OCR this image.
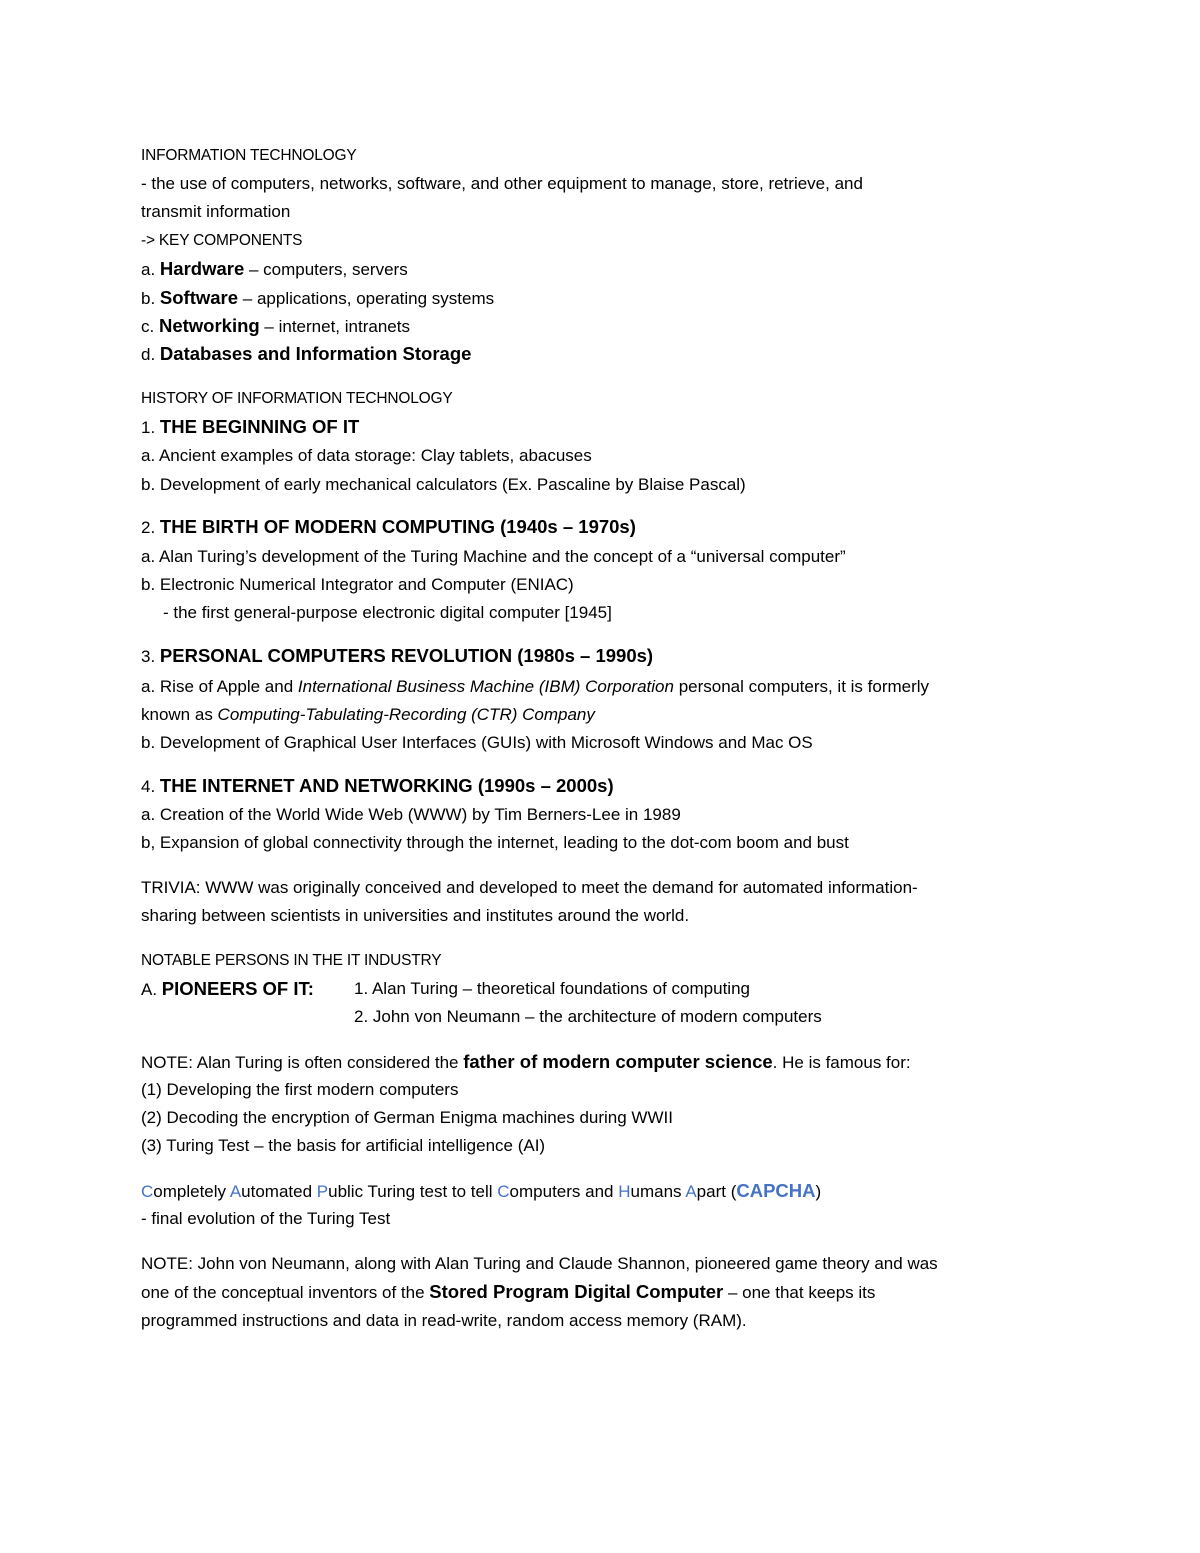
INFORMATION TECHNOLOGY
- the use of computers, networks, software, and other equipment to manage, store, retrieve, and
transmit information
-> KEY COMPONENTS
a. Hardware – computers, servers
b. Software – applications, operating systems
c. Networking – internet, intranets
d. Databases and Information Storage
HISTORY OF INFORMATION TECHNOLOGY
1. THE BEGINNING OF IT
a. Ancient examples of data storage: Clay tablets, abacuses
b. Development of early mechanical calculators (Ex. Pascaline by Blaise Pascal)
2. THE BIRTH OF MODERN COMPUTING (1940s – 1970s)
a. Alan Turing’s development of the Turing Machine and the concept of a “universal computer”
b. Electronic Numerical Integrator and Computer (ENIAC)
- the first general-purpose electronic digital computer [1945]
3. PERSONAL COMPUTERS REVOLUTION (1980s – 1990s)
a. Rise of Apple and International Business Machine (IBM) Corporation personal computers, it is formerly
known as Computing-Tabulating-Recording (CTR) Company
b. Development of Graphical User Interfaces (GUIs) with Microsoft Windows and Mac OS
4. THE INTERNET AND NETWORKING (1990s – 2000s)
a. Creation of the World Wide Web (WWW) by Tim Berners-Lee in 1989
b, Expansion of global connectivity through the internet, leading to the dot-com boom and bust
TRIVIA: WWW was originally conceived and developed to meet the demand for automated information-
sharing between scientists in universities and institutes around the world.
NOTABLE PERSONS IN THE IT INDUSTRY
A. PIONEERS OF IT: 1. Alan Turing – theoretical foundations of computing
2. John von Neumann – the architecture of modern computers
NOTE: Alan Turing is often considered the father of modern computer science. He is famous for:
(1) Developing the first modern computers
(2) Decoding the encryption of German Enigma machines during WWII
(3) Turing Test – the basis for artificial intelligence (AI)
Completely Automated Public Turing test to tell Computers and Humans Apart (CAPCHA)
- final evolution of the Turing Test
NOTE: John von Neumann, along with Alan Turing and Claude Shannon, pioneered game theory and was
one of the conceptual inventors of the Stored Program Digital Computer – one that keeps its
programmed instructions and data in read-write, random access memory (RAM).
